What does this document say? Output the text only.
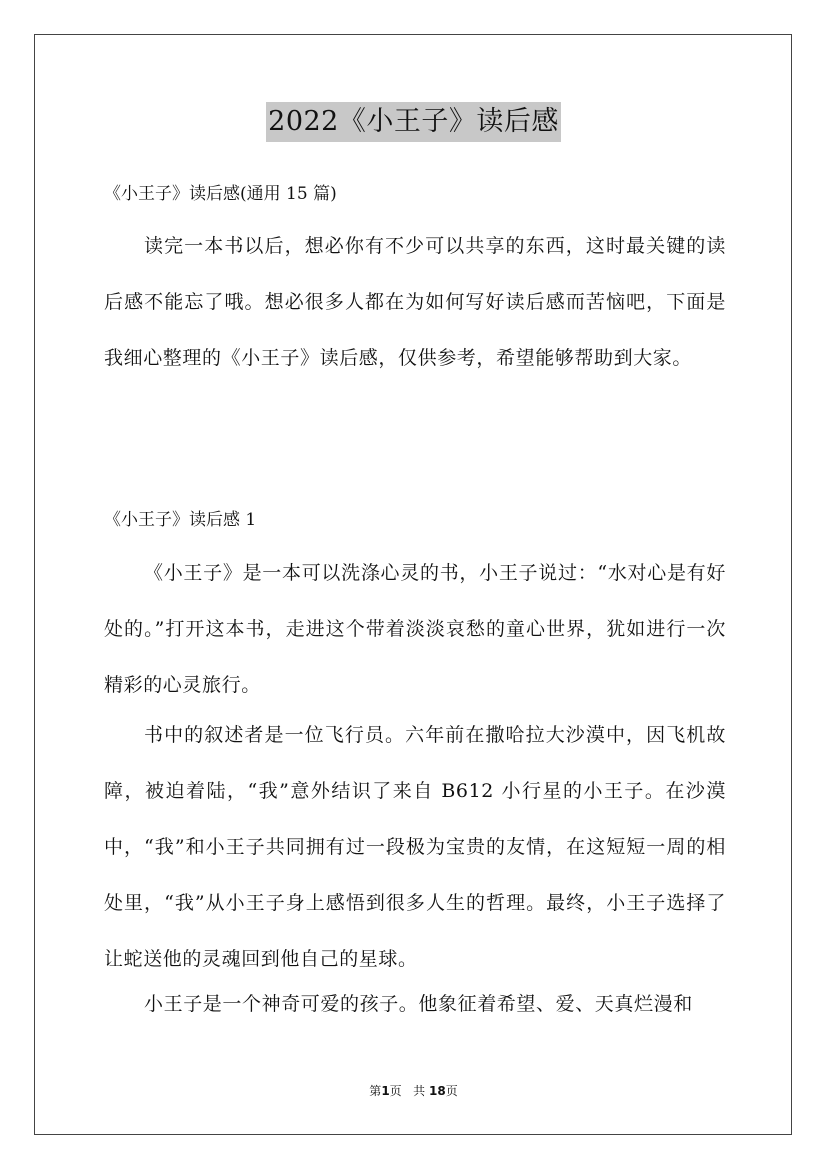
2022《小王子》读后感

《小王子》读后感(通用 15 篇)

读完一本书以后，想必你有不少可以共享的东西，这时最关键的读后感不能忘了哦。想必很多人都在为如何写好读后感而苦恼吧，下面是我细心整理的《小王子》读后感，仅供参考，希望能够帮助到大家。

《小王子》读后感 1

《小王子》是一本可以洗涤心灵的书，小王子说过：“水对心是有好处的。”打开这本书，走进这个带着淡淡哀愁的童心世界，犹如进行一次精彩的心灵旅行。

书中的叙述者是一位飞行员。六年前在撒哈拉大沙漠中，因飞机故障，被迫着陆，“我”意外结识了来自 B612 小行星的小王子。在沙漠中，“我”和小王子共同拥有过一段极为宝贵的友情，在这短短一周的相处里，“我”从小王子身上感悟到很多人生的哲理。最终，小王子选择了让蛇送他的灵魂回到他自己的星球。

小王子是一个神奇可爱的孩子。他象征着希望、爱、天真烂漫和

第1页 共 18页
